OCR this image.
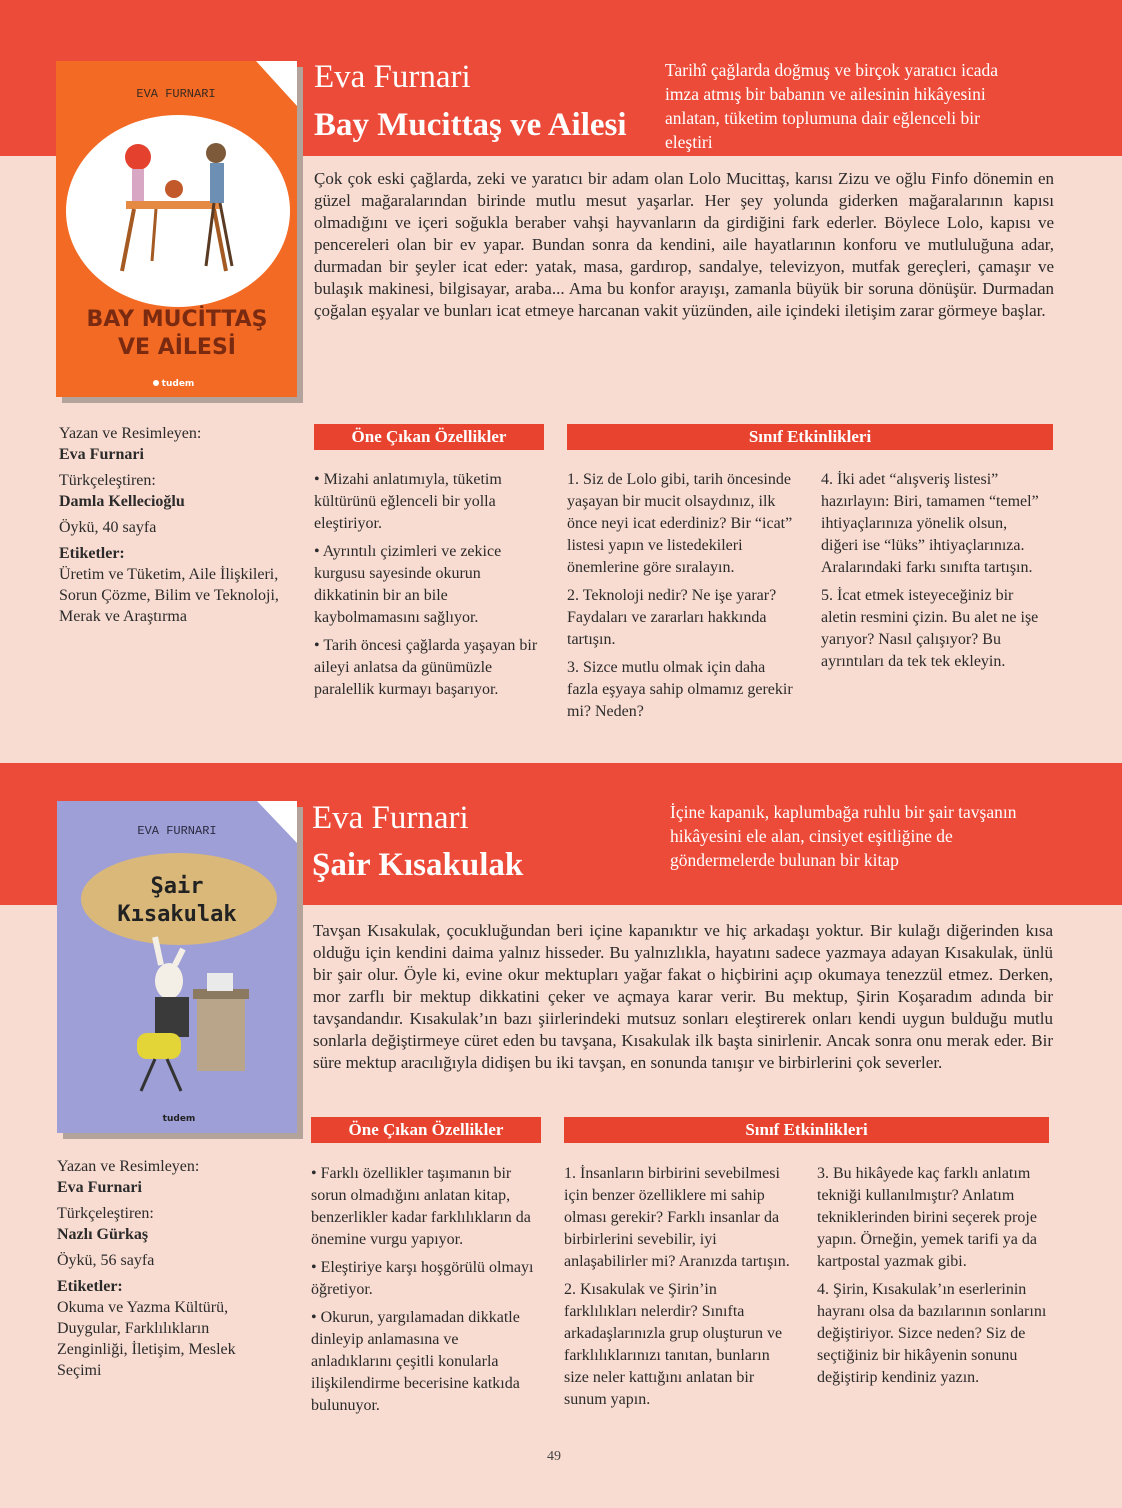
EVA FURNARI
BAY MUCİTTAŞ
VE AİLESİ
tudem
Eva Furnari
Bay Mucittaş ve Ailesi
Tarihî çağlarda doğmuş ve birçok yaratıcı icada imza atmış bir babanın ve ailesinin hikâyesini anlatan, tüketim toplumuna dair eğlenceli bir eleştiri
Çok çok eski çağlarda, zeki ve yaratıcı bir adam olan Lolo Mucittaş, karısı Zizu ve oğlu Finfo dönemin en güzel mağaralarından birinde mutlu mesut yaşarlar. Her şey yolunda giderken mağaralarının kapısı olmadığını ve içeri soğukla beraber vahşi hayvanların da girdiğini fark ederler. Böylece Lolo, kapısı ve pencereleri olan bir ev yapar. Bundan sonra da kendini, aile hayatlarının konforu ve mutluluğuna adar, durmadan bir şeyler icat eder: yatak, masa, gardırop, sandalye, televizyon, mutfak gereçleri, çamaşır ve bulaşık makinesi, bilgisayar, araba... Ama bu konfor arayışı, zamanla büyük bir soruna dönüşür. Durmadan çoğalan eşyalar ve bunları icat etmeye harcanan vakit yüzünden, aile içindeki iletişim zarar görmeye başlar.

Yazan ve Resimleyen:

Eva Furnari

Türkçeleştiren:

Damla Kellecioğlu

Öykü, 40 sayfa

Etiketler:

Üretim ve Tüketim, Aile İlişkileri, Sorun Çözme, Bilim ve Teknoloji, Merak ve Araştırma

Öne Çıkan Özellikler	Sınıf Etkinlikleri

• Mizahi anlatımıyla, tüketim kültürünü eğlenceli bir yolla eleştiriyor.

• Ayrıntılı çizimleri ve zekice kurgusu sayesinde okurun dikkatinin bir an bile kaybolmamasını sağlıyor.

• Tarih öncesi çağlarda yaşayan bir aileyi anlatsa da günümüzle paralellik kurmayı başarıyor.

1. Siz de Lolo gibi, tarih öncesinde yaşayan bir mucit olsaydınız, ilk önce neyi icat ederdiniz? Bir “icat” listesi yapın ve listedekileri önemlerine göre sıralayın.

2. Teknoloji nedir? Ne işe yarar? Faydaları ve zararları hakkında tartışın.

3. Sizce mutlu olmak için daha fazla eşyaya sahip olmamız gerekir mi? Neden?

4. İki adet “alışveriş listesi” hazırlayın: Biri, tamamen “temel” ihtiyaçlarınıza yönelik olsun, diğeri ise “lüks” ihtiyaçlarınıza. Aralarındaki farkı sınıfta tartışın.

5. İcat etmek isteyeceğiniz bir aletin resmini çizin. Bu alet ne işe yarıyor? Nasıl çalışıyor? Bu ayrıntıları da tek tek ekleyin.

EVA FURNARI
Şair
Kısakulak
tudem
Eva Furnari
Şair Kısakulak
İçine kapanık, kaplumbağa ruhlu bir şair tavşanın hikâyesini ele alan, cinsiyet eşitliğine de göndermelerde bulunan bir kitap
Tavşan Kısakulak, çocukluğundan beri içine kapanıktır ve hiç arkadaşı yoktur. Bir kulağı diğerinden kısa olduğu için kendini daima yalnız hisseder. Bu yalnızlıkla, hayatını sadece yazmaya adayan Kısakulak, ünlü bir şair olur. Öyle ki, evine okur mektupları yağar fakat o hiçbirini açıp okumaya tenezzül etmez. Derken, mor zarflı bir mektup dikkatini çeker ve açmaya karar verir. Bu mektup, Şirin Koşaradım adında bir tavşandandır. Kısakulak’ın bazı şiirlerindeki mutsuz sonları eleştirerek onları kendi uygun bulduğu mutlu sonlarla değiştirmeye cüret eden bu tavşana, Kısakulak ilk başta sinirlenir. Ancak sonra onu merak eder. Bir süre mektup aracılığıyla didişen bu iki tavşan, en sonunda tanışır ve birbirlerini çok severler.

Yazan ve Resimleyen:

Eva Furnari

Türkçeleştiren:

Nazlı Gürkaş

Öykü, 56 sayfa

Etiketler:

Okuma ve Yazma Kültürü, Duygular, Farklılıkların Zenginliği, İletişim, Meslek Seçimi

Öne Çıkan Özellikler	Sınıf Etkinlikleri

• Farklı özellikler taşımanın bir sorun olmadığını anlatan kitap, benzerlikler kadar farklılıkların da önemine vurgu yapıyor.

• Eleştiriye karşı hoşgörülü olmayı öğretiyor.

• Okurun, yargılamadan dikkatle dinleyip anlamasına ve anladıklarını çeşitli konularla ilişkilendirme becerisine katkıda bulunuyor.

1. İnsanların birbirini sevebilmesi için benzer özelliklere mi sahip olması gerekir? Farklı insanlar da birbirlerini sevebilir, iyi anlaşabilirler mi? Aranızda tartışın.

2. Kısakulak ve Şirin’in farklılıkları nelerdir? Sınıfta arkadaşlarınızla grup oluşturun ve farklılıklarınızı tanıtan, bunların size neler kattığını anlatan bir sunum yapın.

3. Bu hikâyede kaç farklı anlatım tekniği kullanılmıştır? Anlatım tekniklerinden birini seçerek proje yapın. Örneğin, yemek tarifi ya da kartpostal yazmak gibi.

4. Şirin, Kısakulak’ın eserlerinin hayranı olsa da bazılarının sonlarını değiştiriyor. Sizce neden? Siz de seçtiğiniz bir hikâyenin sonunu değiştirip kendiniz yazın.

49
